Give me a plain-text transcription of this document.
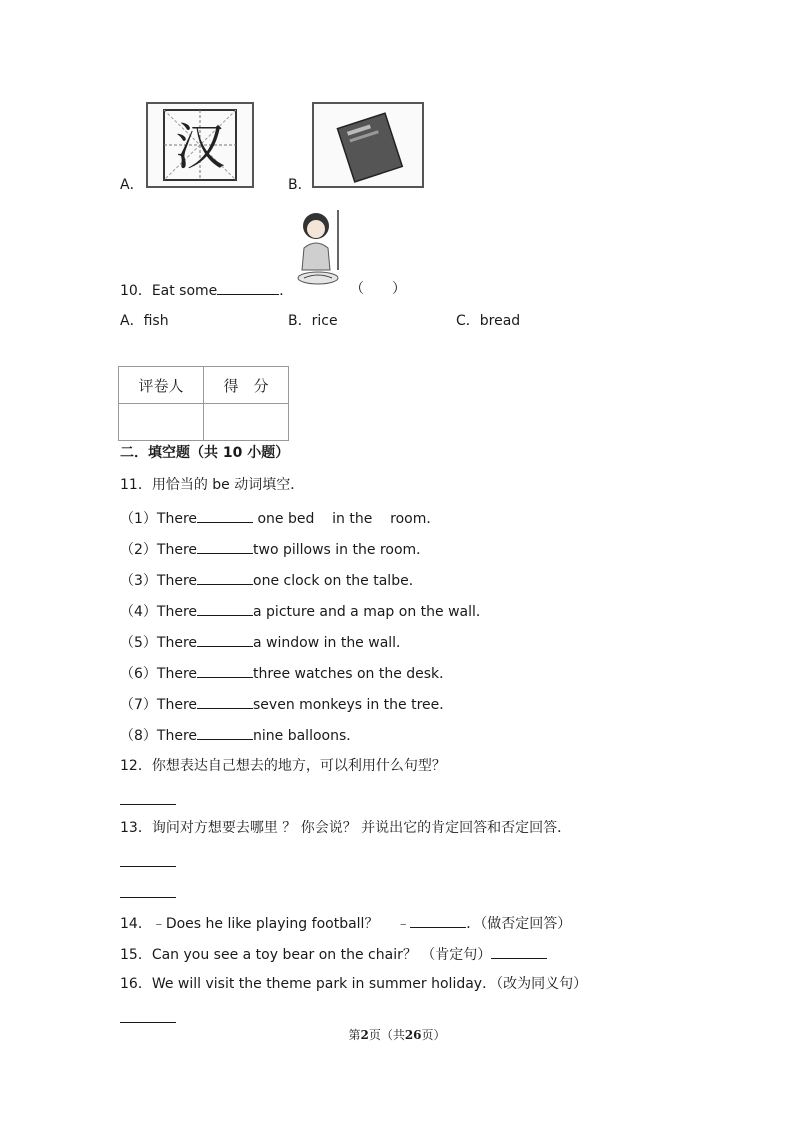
A．
汉
B．
10．Eat some	．	（　　）
A．fish	B．rice	C．bread
评卷人	得　分

二．填空题（共 10 小题）
11．用恰当的 be 动词填空．
（1）There	one bed    in the    room．
（2）There	two pillows in the room．
（3）There	one clock on the talbe．
（4）There	a picture and a map on the wall．
（5）There	a window in the wall．
（6）There	three watches on the desk．
（7）There	seven monkeys in the tree．
（8）There	nine balloons．
12．你想表达自己想去的地方，可以利用什么句型？
13．询问对方想要去哪里 ？ 你会说？ 并说出它的肯定回答和否定回答．
14．﹣Does he like playing football？    ﹣	．（做否定回答）
15．Can you see a toy bear on the chair？ （肯定句）
16．We will visit the theme park in summer holiday．（改为同义句）
第2页（共26页）
